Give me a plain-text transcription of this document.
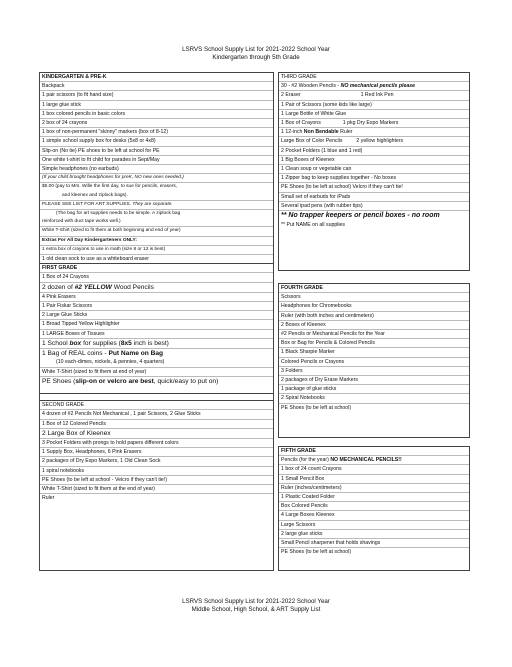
LSRVS School Supply List for 2021-2022 School Year
Kindergarten through 5th Grade
KINDERGARTEN & PRE-K
Backpack
1 pair scissors (to fit hand size)
1 large glue stick
1 box colored pencils in basic colors
2 box of 24 crayons
1 box of non-permanent "skinny" markers (box of 8-12)
1 simple school supply box for desks (5x8 or 4x8)
Slip-on (No tie) PE shoes to be left at school for PE
One white t-shirt to fit child for parades in Sept/May
Simple headphones (no earbuds)
(If your child brought headphones for preK, NO new ones needed.)
$5.00 (pay to Mrs. Wille the first day, to sue for pencils, erasers,
and kleenex and ziplock bags).
PLEASE SEE LIST FOR ART SUPPLIES. They are separate.
(The bag for art supplies needs to be simple. A ziplock bag
reinforced with duct tape works well.)
White T-Shirt (sized to fit them at both beginning and end of year)
Extras For All Day Kindergarteners ONLY:
1 extra box of crayons to use in math (size 8 or 12 is best)
1 old clean sock to use as a whiteboard eraser
FIRST GRADE
1 Box of 24 Crayons
2 dozen of #2 YELLOW Wood Pencils
4 Pink Erasers
1 Pair Fiskar Scissors
2 Large Glue Sticks
1 Broad Tipped Yellow Highlighter
1 LARGE Boxes of Tissues
1 School box for supplies (8x5 inch is best)
1 Bag of REAL coins - Put Name on Bag
(10 each-dimes, nickels, & pennies, 4 quarters)
White T-Shirt (sized to fit them at end of year)
PE Shoes (slip-on or velcro are best, quick/easy to put on)
SECOND GRADE
4 dozen of #2 Pencils Not Mechanical , 1 pair Scissors, 2 Glue Sticks
1 Box of 12 Colored Pencils
2 Large Box of Kleenex
3 Pocket Folders with prongs to hold papers different colors
1 Supply Box, Headphones, 6 Pink Erasers
2 packages of Dry Expo Markers, 1 Old Clean Sock
1 spiral notebooks
PE Shoes (to be left at school - Velcro if they can't tie!)
White T-Shirt (sized to fit them at the end of year)
Ruler
THIRD GRADE
30 - #2 Wooden Pencils - NO mechanical pencils please
2 Eraser	1 Red Ink Pen
1 Pair of Scissors (some kids like large)
1 Large Bottle of White Glue
1 Box of Crayons	1 pkg Dry Expo Markers
1 12-inch Non Bendable Ruler
Large Box of Color Pencils	2 yellow highlighters
2 Pocket Folders (1 blue and 1 red)
1 Big Boxes of Kleenex
1 Clean soup or vegetable can
1 Zipper bag to keep supplies together - No boxes
PE Shoes (to be left at school) Velcro if they can't tie!
Small set of earbuds for iPads
Several ipad pens (with rubber tips)
** No trapper keepers or pencil boxes - no room
** Put NAME on all supplies
FOURTH GRADE
Scissors
Headphones for Chromebooks
Ruler (with both inches and centimeters)
2 Boxes of Kleenex
#2 Pencils or Mechanical Pencils for the Year
Box or Bag for Pencils & Colored Pencils
1 Black Sharpie Marker
Colored Pencils or Crayons
3 Folders
2 packages of Dry Erase Markers
1 package of glue sticks
2 Spiral Notebooks
PE Shoes (to be left at school)
FIFTH GRADE
Pencils (for the year) NO MECHANICAL PENCILS!!
1 box of 24 count Crayons
1 Small Pencil Box
Ruler (inches/centimeters)
1 Plastic Coated Folder
Box Colored Pencils
4 Large Boxes Kleenex
Large Scissors
2 large glue sticks
Small Pencil sharpener that holds shavings
PE Shoes (to be left at school)
LSRVS School Supply List for 2021-2022 School Year
Middle School, High School, & ART Supply List
